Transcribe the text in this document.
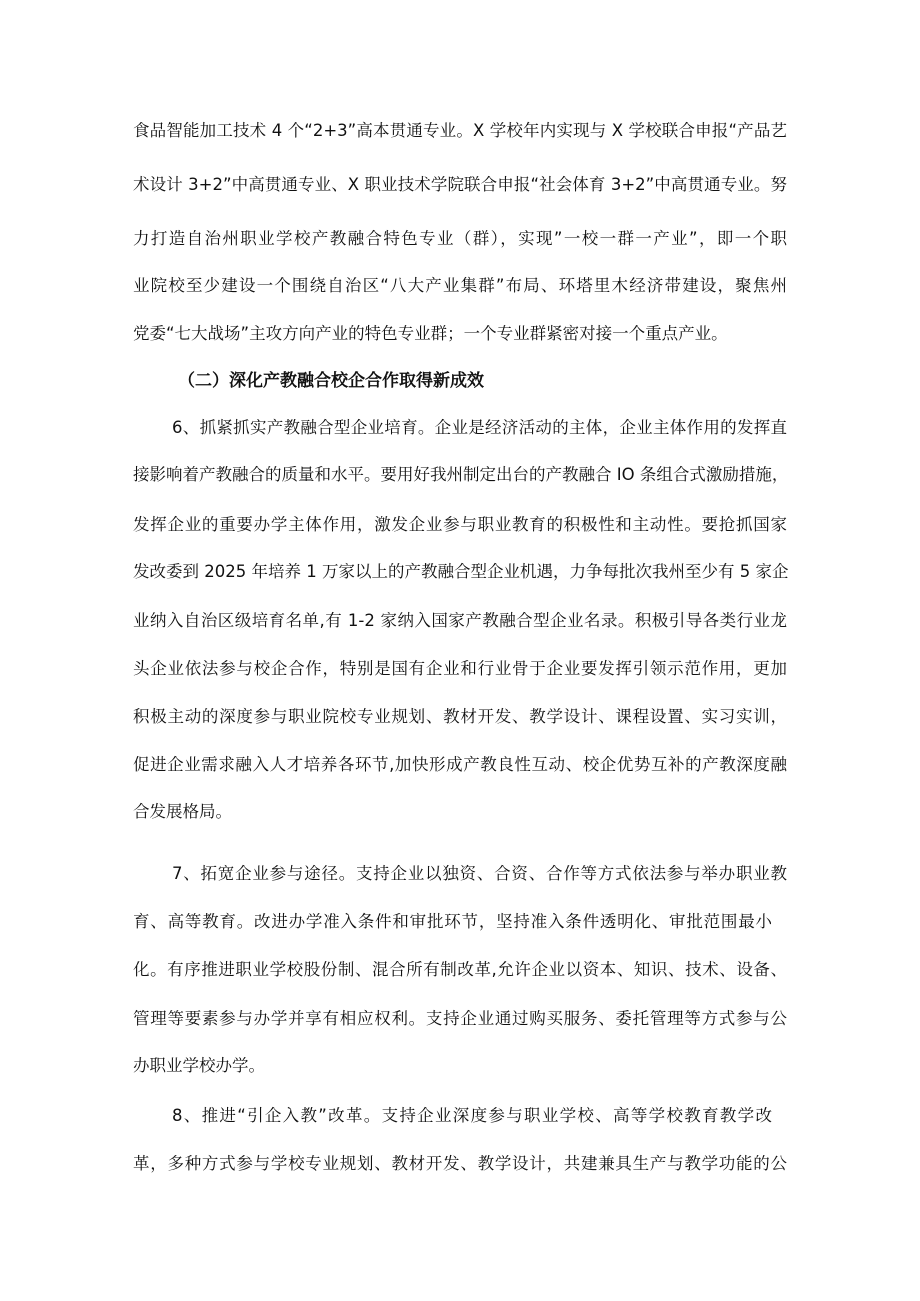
食品智能加工技术 4 个“2+3”高本贯通专业。X 学校年内实现与 X 学校联合申报“产品艺

术设计 3+2”中高贯通专业、X 职业技术学院联合申报“社会体育 3+2”中高贯通专业。努

力打造自治州职业学校产教融合特色专业（群），实现”一校一群一产业”，即一个职

业院校至少建设一个围绕自治区“八大产业集群”布局、环塔里木经济带建设，聚焦州

党委“七大战场”主攻方向产业的特色专业群；一个专业群紧密对接一个重点产业。

（二）深化产教融合校企合作取得新成效

6、抓紧抓实产教融合型企业培育。企业是经济活动的主体，企业主体作用的发挥直

接影响着产教融合的质量和水平。要用好我州制定出台的产教融合 IO 条组合式激励措施，

发挥企业的重要办学主体作用，激发企业参与职业教育的积极性和主动性。要抢抓国家

发改委到 2025 年培养 1 万家以上的产教融合型企业机遇，力争每批次我州至少有 5 家企

业纳入自治区级培育名单,有 1-2 家纳入国家产教融合型企业名录。积极引导各类行业龙

头企业依法参与校企合作，特别是国有企业和行业骨于企业要发挥引领示范作用，更加

积极主动的深度参与职业院校专业规划、教材开发、教学设计、课程设置、实习实训，

促进企业需求融入人才培养各环节,加快形成产教良性互动、校企优势互补的产教深度融

合发展格局。

7、拓宽企业参与途径。支持企业以独资、合资、合作等方式依法参与举办职业教

育、高等教育。改进办学准入条件和审批环节，坚持准入条件透明化、审批范围最小

化。有序推进职业学校股份制、混合所有制改革,允许企业以资本、知识、技术、设备、

管理等要素参与办学并享有相应权利。支持企业通过购买服务、委托管理等方式参与公

办职业学校办学。

8、推进“引企入教”改革。支持企业深度参与职业学校、高等学校教育教学改

革，多种方式参与学校专业规划、教材开发、教学设计，共建兼具生产与教学功能的公
